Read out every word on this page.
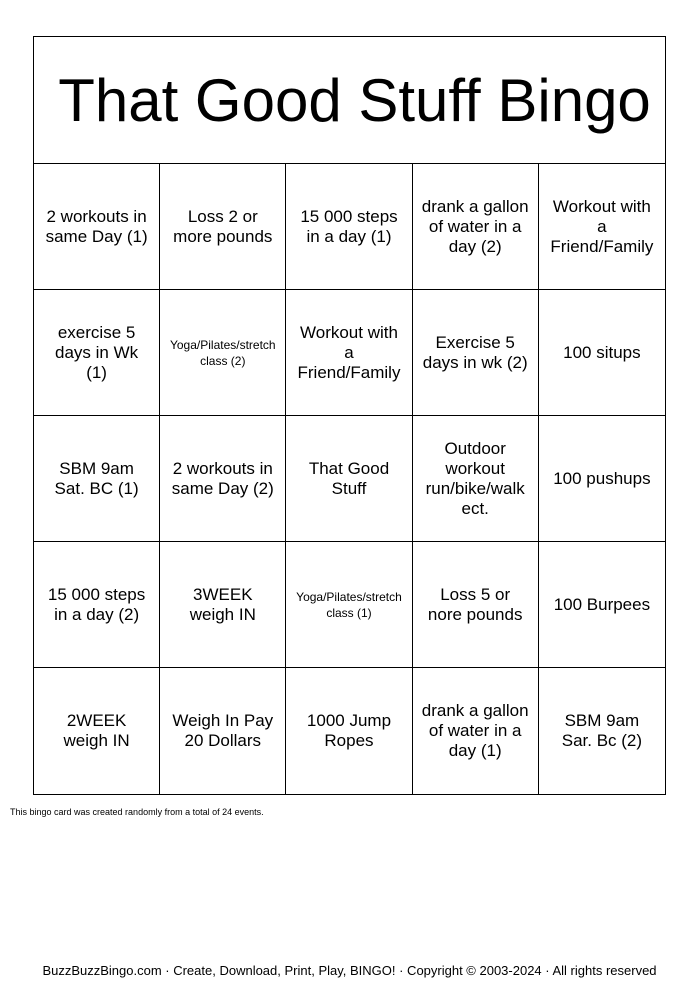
That Good Stuff Bingo
2 workouts in
same Day (1)
Loss 2 or
more pounds
15 000 steps
in a day (1)
drank a gallon
of water in a
day (2)
Workout with
a
Friend/Family
exercise 5
days in Wk
(1)
Yoga/Pilates/stretch
class (2)
Workout with
a
Friend/Family
Exercise 5
days in wk (2)
100 situps
SBM 9am
Sat. BC (1)
2 workouts in
same Day (2)
That Good
Stuff
Outdoor
workout
run/bike/walk
ect.
100 pushups
15 000 steps
in a day (2)
3WEEK
weigh IN
Yoga/Pilates/stretch
class (1)
Loss 5 or
nore pounds
100 Burpees
2WEEK
weigh IN
Weigh In Pay
20 Dollars
1000 Jump
Ropes
drank a gallon
of water in a
day (1)
SBM 9am
Sar. Bc (2)
This bingo card was created randomly from a total of 24 events.
BuzzBuzzBingo.com · Create, Download, Print, Play, BINGO! · Copyright © 2003-2024 · All rights reserved
